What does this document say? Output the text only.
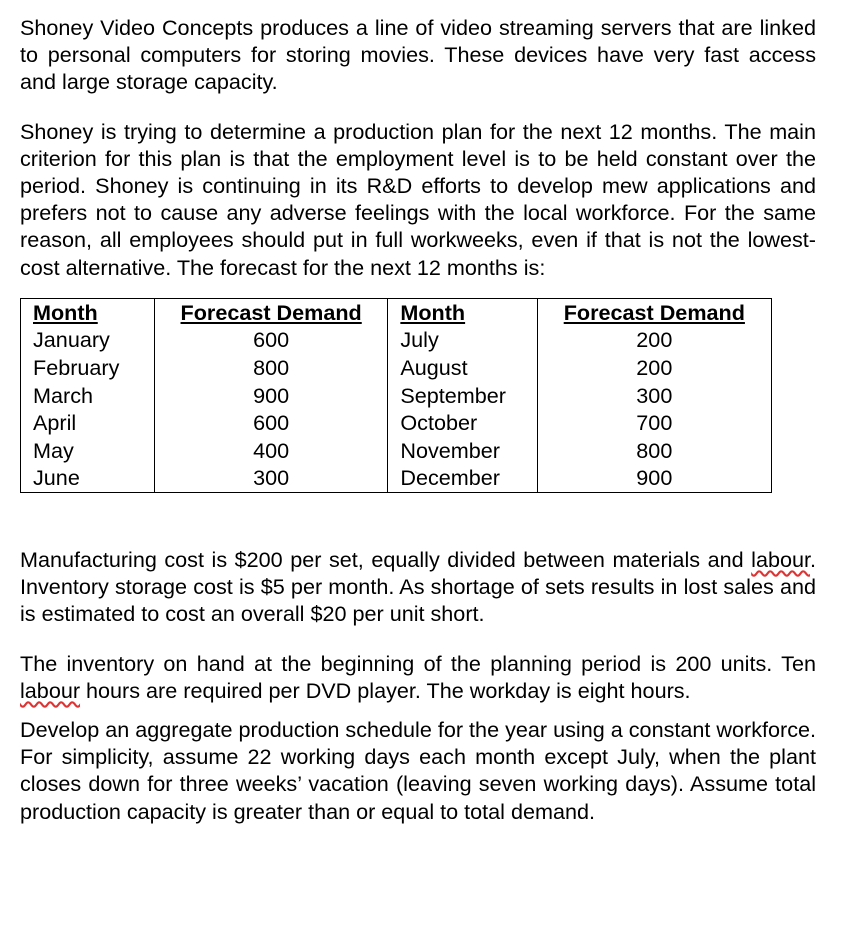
Shoney Video Concepts produces a line of video streaming servers that are linked to personal computers for storing movies. These devices have very fast access and large storage capacity.

Shoney is trying to determine a production plan for the next 12 months. The main criterion for this plan is that the employment level is to be held constant over the period. Shoney is continuing in its R&D efforts to develop mew applications and prefers not to cause any adverse feelings with the local workforce. For the same reason, all employees should put in full workweeks, even if that is not the lowest-cost alternative. The forecast for the next 12 months is:

Month	Forecast Demand	Month	Forecast Demand
January	600	July	200
February	800	August	200
March	900	September	300
April	600	October	700
May	400	November	800
June	300	December	900

Manufacturing cost is $200 per set, equally divided between materials and labour. Inventory storage cost is $5 per month. As shortage of sets results in lost sales and is estimated to cost an overall $20 per unit short.

The inventory on hand at the beginning of the planning period is 200 units. Ten labour hours are required per DVD player. The workday is eight hours.

Develop an aggregate production schedule for the year using a constant workforce. For simplicity, assume 22 working days each month except July, when the plant closes down for three weeks’ vacation (leaving seven working days). Assume total production capacity is greater than or equal to total demand.
